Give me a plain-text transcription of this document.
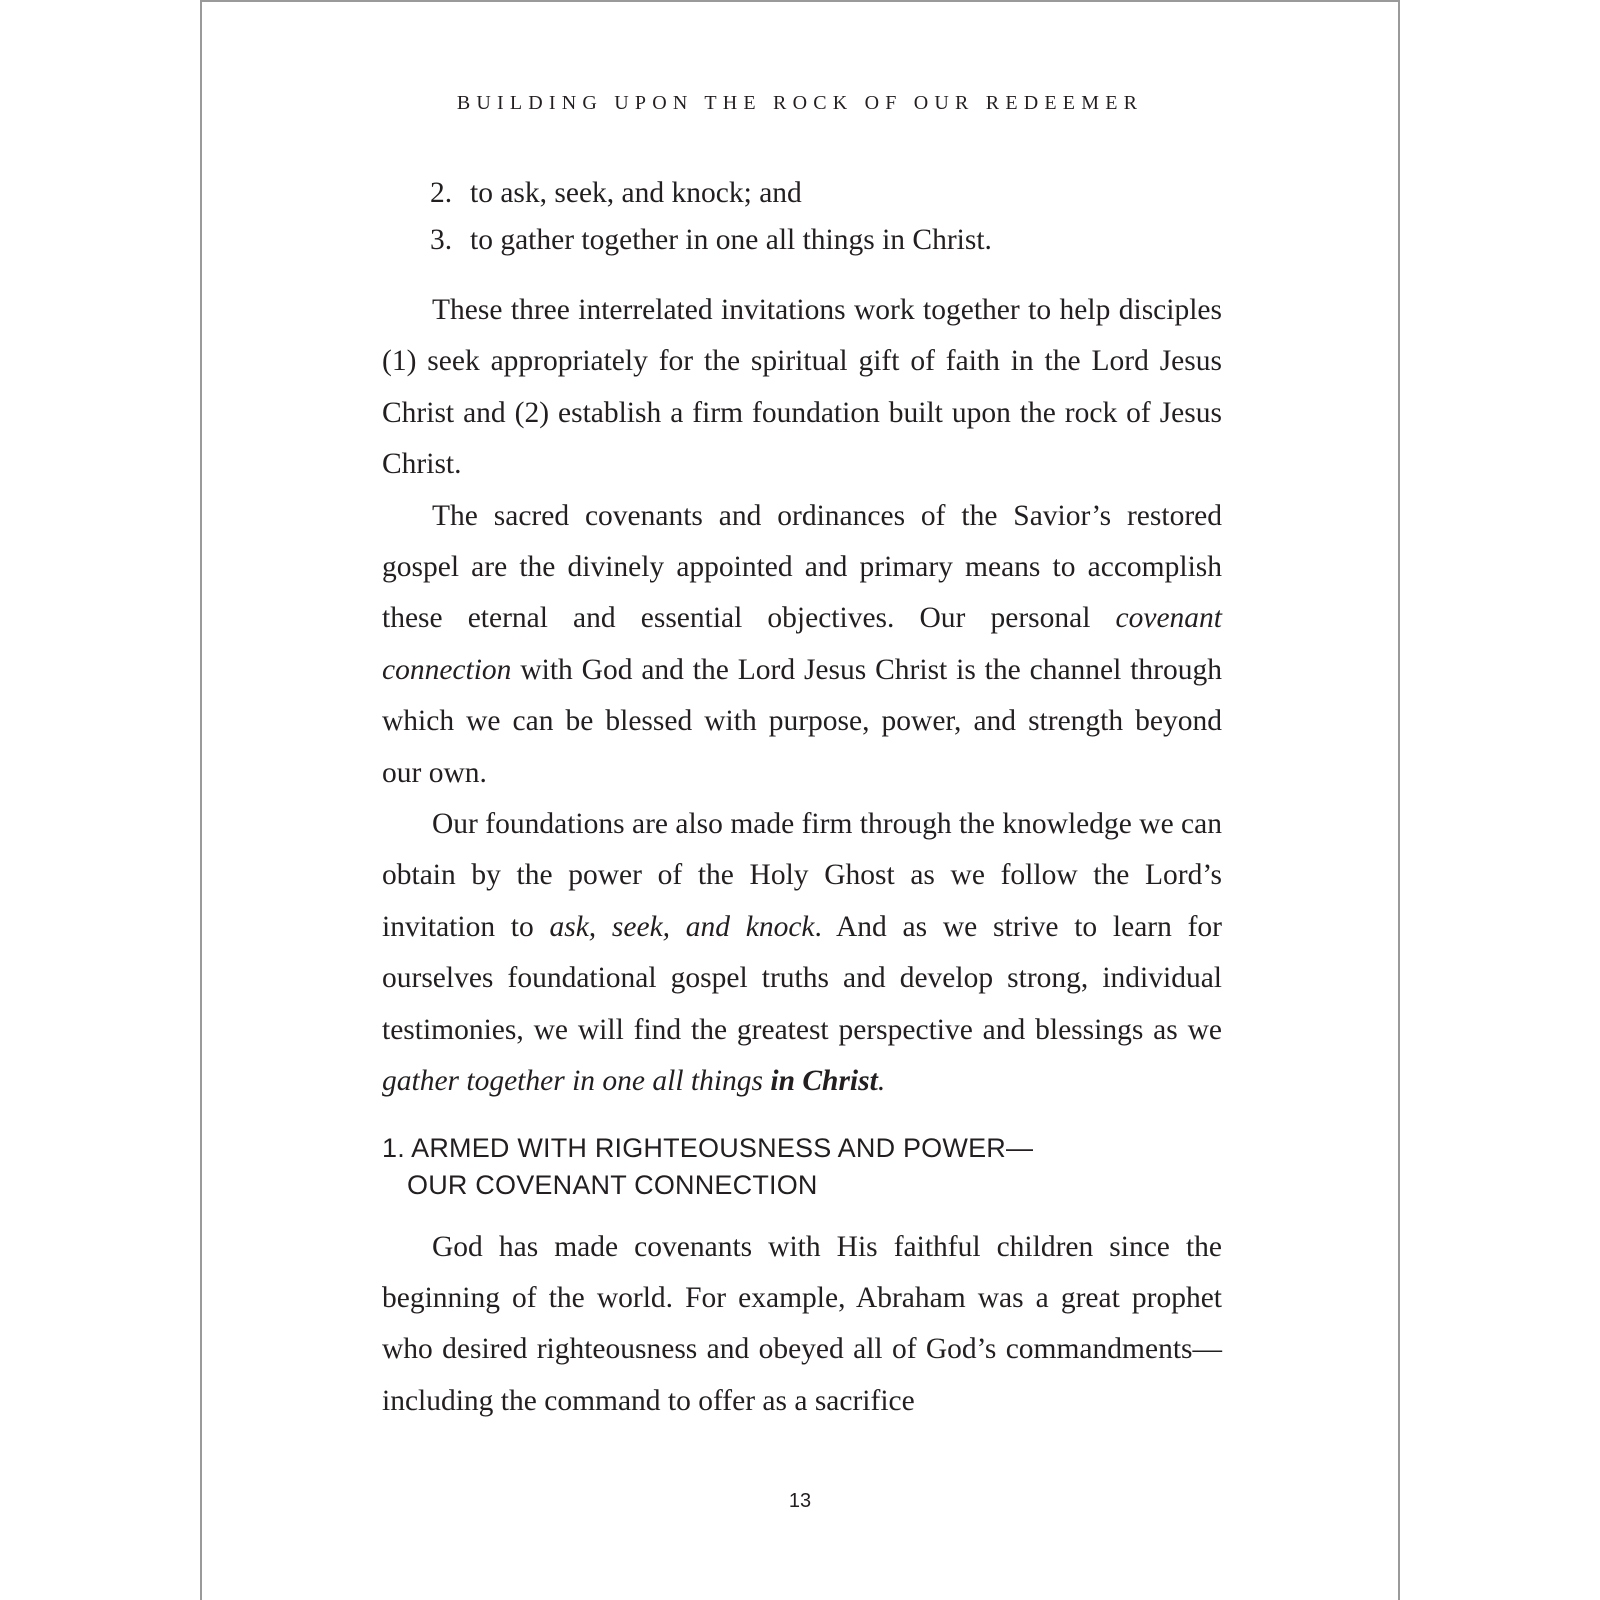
BUILDING UPON THE ROCK OF OUR REDEEMER
2. to ask, seek, and knock; and
3. to gather together in one all things in Christ.

These three interrelated invitations work together to help disciples (1) seek appropriately for the spiritual gift of faith in the Lord Jesus Christ and (2) establish a firm foundation built upon the rock of Jesus Christ.

The sacred covenants and ordinances of the Savior’s restored gospel are the divinely appointed and primary means to accomplish these eternal and essential objectives. Our personal covenant connection with God and the Lord Jesus Christ is the channel through which we can be blessed with purpose, power, and strength beyond our own.

Our foundations are also made firm through the knowledge we can obtain by the power of the Holy Ghost as we follow the Lord’s invitation to ask, seek, and knock. And as we strive to learn for ourselves foundational gospel truths and develop strong, individual testimonies, we will find the greatest perspective and blessings as we gather together in one all things in Christ.

1. ARMED WITH RIGHTEOUSNESS AND POWER—
OUR COVENANT CONNECTION

God has made covenants with His faithful children since the beginning of the world. For example, Abraham was a great prophet who desired righteousness and obeyed all of God’s commandments—including the command to offer as a sacrifice

13
